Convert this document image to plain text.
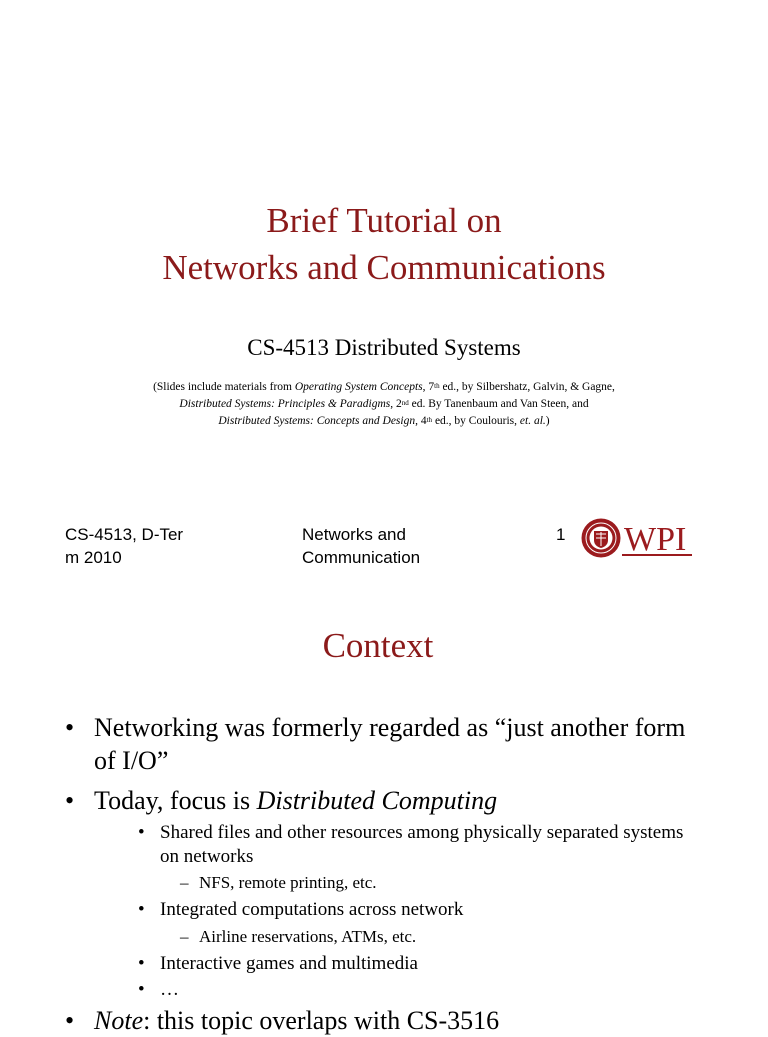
Brief Tutorial on
Networks and Communications
CS-4513 Distributed Systems
(Slides include materials from Operating System Concepts, 7th ed., by Silbershatz, Galvin, & Gagne,
Distributed Systems: Principles & Paradigms, 2nd ed. By Tanenbaum and Van Steen, and
Distributed Systems: Concepts and Design, 4th ed., by Coulouris, et. al.)
CS-4513, D-Ter
m 2010
Networks and
Communication
1 WPI
Context
• Networking was formerly regarded as “just another form of I/O”
• Today, focus is Distributed Computing
• Shared files and other resources among physically separated systems on networks
– NFS, remote printing, etc.
• Integrated computations across network
– Airline reservations, ATMs, etc.
• Interactive games and multimedia
• …
• Note: this topic overlaps with CS-3516
